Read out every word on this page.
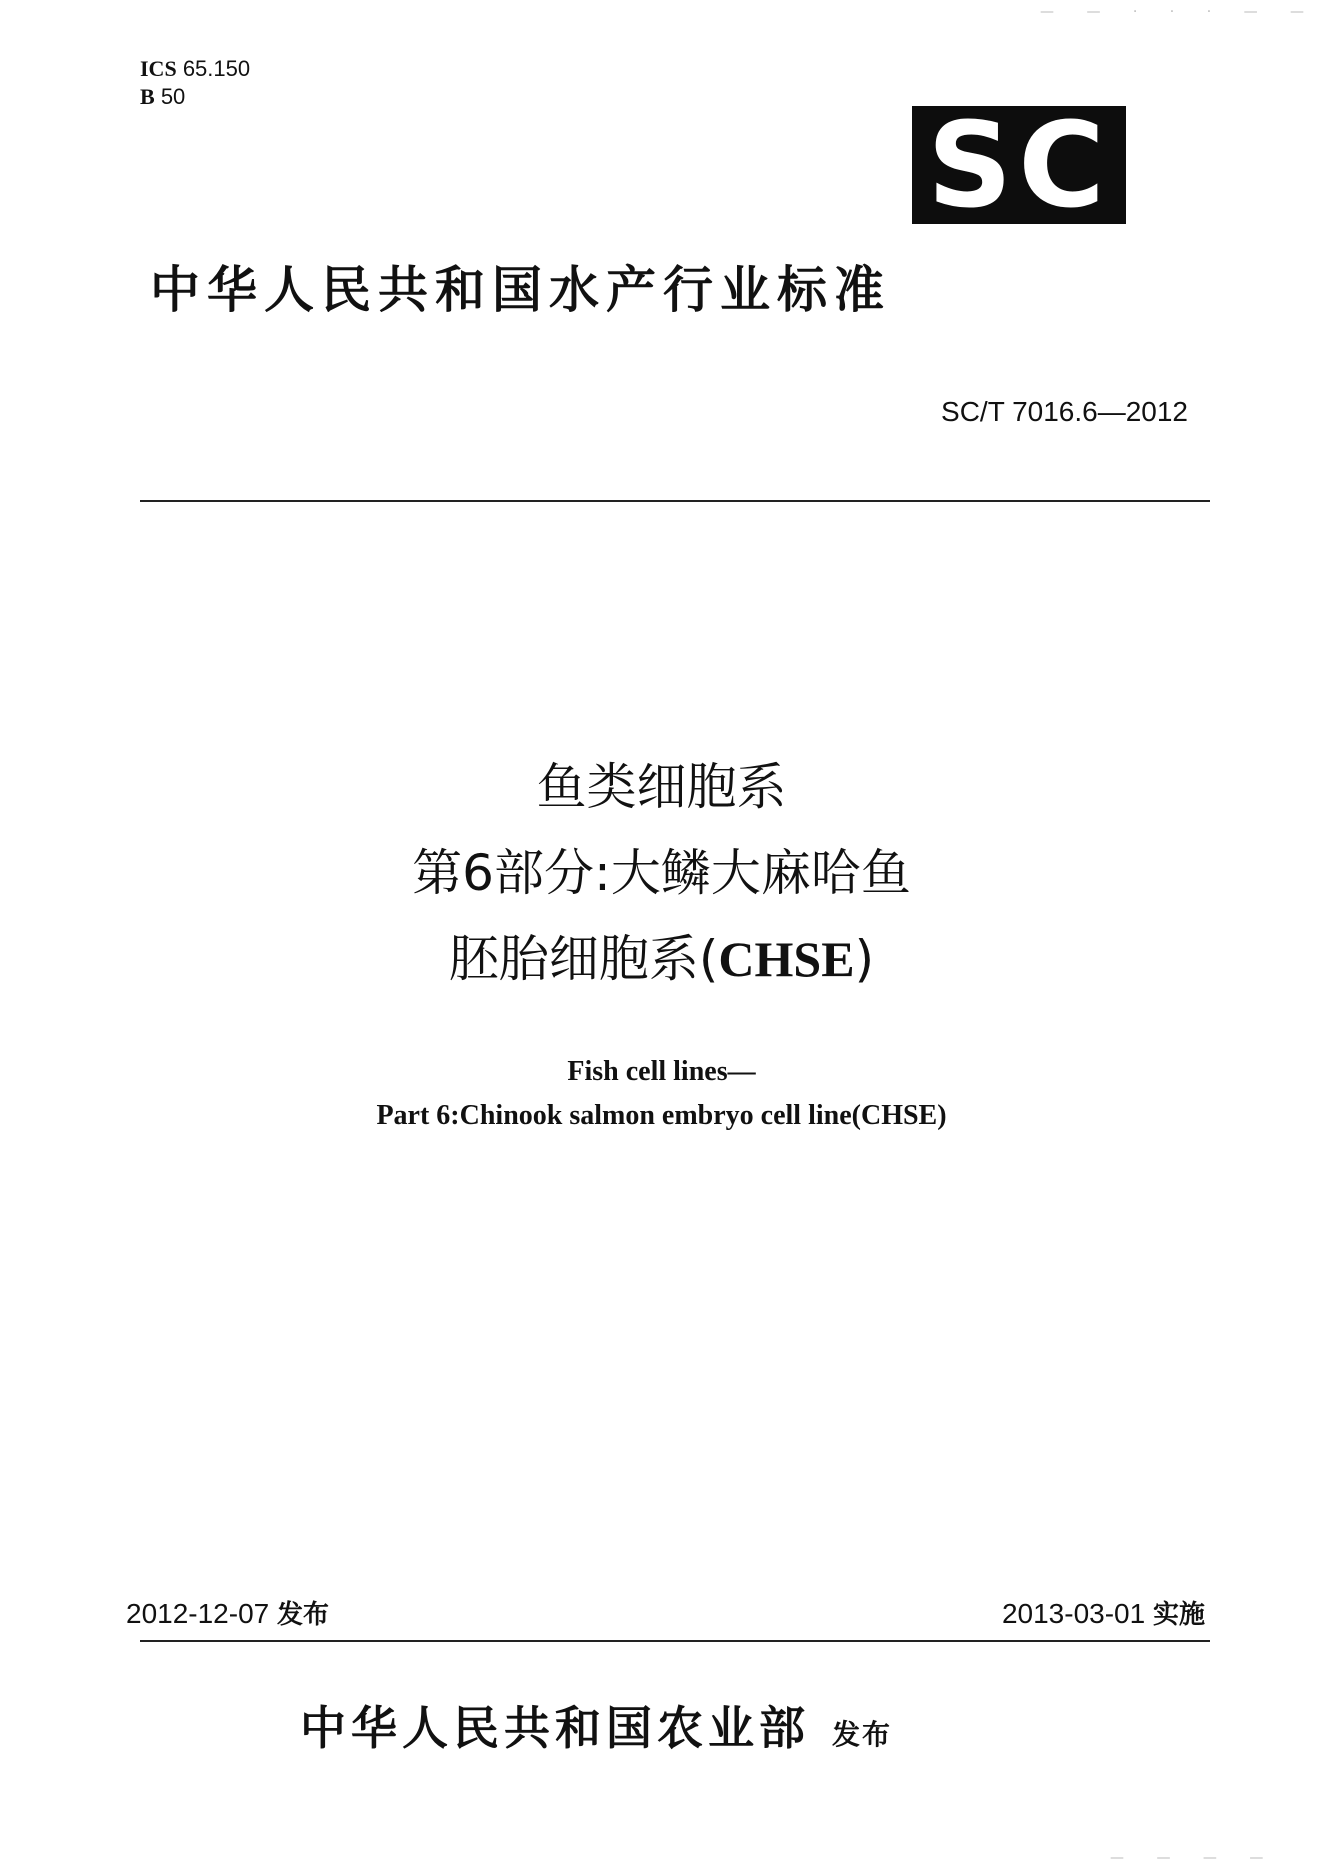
— — · · · — —
ICS 65.150
B 50	SC
中华人民共和国水产行业标准
SC/T 7016.6—2012
鱼类细胞系
第6部分:大鳞大麻哈鱼
胚胎细胞系(CHSE)
Fish cell lines—
Part 6:Chinook salmon embryo cell line(CHSE)
2012-12-07 发布	2013-03-01 实施
中华人民共和国农业部 发布
— — — —
